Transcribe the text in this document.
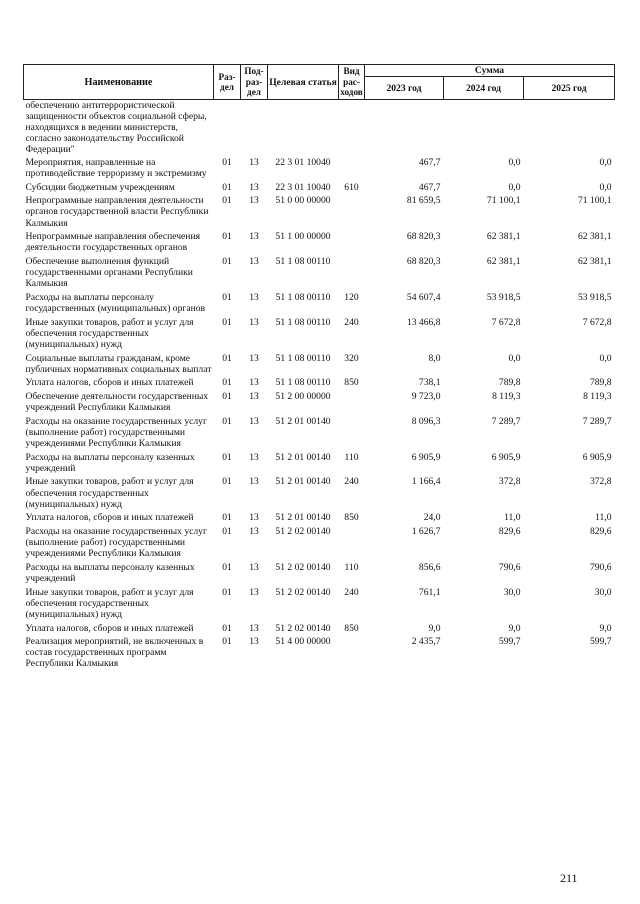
Наименование	Раз-дел	Под-раз-дел	Целевая статья	Вид рас-ходов	Сумма		
					2023 год	2024 год	2025 год
обеспечению антитеррористической защищенности объектов социальной сферы, находящихся в ведении министерств, согласно законодательству Российской Федерации"							
Мероприятия, направленные на противодействие терроризму и экстремизму	01	13	22 3 01 10040		467,7	0,0	0,0
Субсидии бюджетным учреждениям	01	13	22 3 01 10040	610	467,7	0,0	0,0
Непрограммные направления деятельности органов государственной власти Республики Калмыкия	01	13	51 0 00 00000		81 659,5	71 100,1	71 100,1
Непрограммные направления обеспечения деятельности государственных органов	01	13	51 1 00 00000		68 820,3	62 381,1	62 381,1
Обеспечение выполнения функций государственными органами Республики Калмыкия	01	13	51 1 08 00110		68 820,3	62 381,1	62 381,1
Расходы на выплаты персоналу государственных (муниципальных) органов	01	13	51 1 08 00110	120	54 607,4	53 918,5	53 918,5
Иные закупки товаров, работ и услуг для обеспечения государственных (муниципальных) нужд	01	13	51 1 08 00110	240	13 466,8	7 672,8	7 672,8
Социальные выплаты гражданам, кроме публичных нормативных социальных выплат	01	13	51 1 08 00110	320	8,0	0,0	0,0
Уплата налогов, сборов и иных платежей	01	13	51 1 08 00110	850	738,1	789,8	789,8
Обеспечение деятельности государственных учреждений Республики Калмыкия	01	13	51 2 00 00000		9 723,0	8 119,3	8 119,3
Расходы на оказание государственных услуг (выполнение работ) государственными учреждениями Республики Калмыкия	01	13	51 2 01 00140		8 096,3	7 289,7	7 289,7
Расходы на выплаты персоналу казенных учреждений	01	13	51 2 01 00140	110	6 905,9	6 905,9	6 905,9
Иные закупки товаров, работ и услуг для обеспечения государственных (муниципальных) нужд	01	13	51 2 01 00140	240	1 166,4	372,8	372,8
Уплата налогов, сборов и иных платежей	01	13	51 2 01 00140	850	24,0	11,0	11,0
Расходы на оказание государственных услуг (выполнение работ) государственными учреждениями Республики Калмыкия	01	13	51 2 02 00140		1 626,7	829,6	829,6
Расходы на выплаты персоналу казенных учреждений	01	13	51 2 02 00140	110	856,6	790,6	790,6
Иные закупки товаров, работ и услуг для обеспечения государственных (муниципальных) нужд	01	13	51 2 02 00140	240	761,1	30,0	30,0
Уплата налогов, сборов и иных платежей	01	13	51 2 02 00140	850	9,0	9,0	9,0
Реализация мероприятий, не включенных в состав государственных программ Республики Калмыкия	01	13	51 4 00 00000		2 435,7	599,7	599,7
211
